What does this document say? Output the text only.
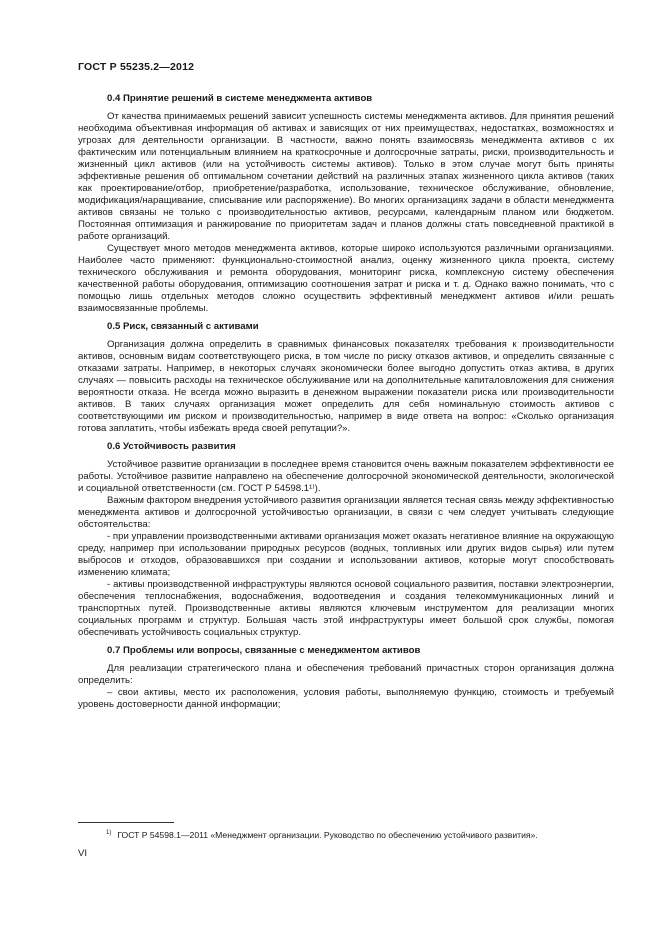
ГОСТ Р 55235.2—2012
0.4 Принятие решений в системе менеджмента активов

От качества принимаемых решений зависит успешность системы менеджмента активов. Для принятия решений необходима объективная информация об активах и зависящих от них преимуществах, недостатках, возможностях и угрозах для деятельности организации. В частности, важно понять взаимосвязь менеджмента активов с их фактическим или потенциальным влиянием на краткосрочные и долгосрочные затраты, риски, производительность и жизненный цикл активов (или на устойчивость системы активов). Только в этом случае могут быть приняты эффективные решения об оптимальном сочетании действий на различных этапах жизненного цикла активов (таких как проектирование/отбор, приобретение/разработка, использование, техническое обслуживание, обновление, модификация/наращивание, списывание или распоряжение). Во многих организациях задачи в области менеджмента активов связаны не только с производительностью активов, ресурсами, календарным планом или бюджетом. Постоянная оптимизация и ранжирование по приоритетам задач и планов должны стать повседневной практикой в работе организаций.

Существует много методов менеджмента активов, которые широко используются различными организациями. Наиболее часто применяют: функционально-стоимостной анализ, оценку жизненного цикла проекта, систему технического обслуживания и ремонта оборудования, мониторинг риска, комплексную систему обеспечения качественной работы оборудования, оптимизацию соотношения затрат и риска и т. д. Однако важно понимать, что с помощью лишь отдельных методов сложно осуществить эффективный менеджмент активов и/или решать взаимосвязанные проблемы.

0.5 Риск, связанный с активами

Организация должна определить в сравнимых финансовых показателях требования к производительности активов, основным видам соответствующего риска, в том числе по риску отказов активов, и определить связанные с отказами затраты. Например, в некоторых случаях экономически более выгодно допустить отказ актива, в других случаях — повысить расходы на техническое обслуживание или на дополнительные капиталовложения для снижения вероятности отказа. Не всегда можно выразить в денежном выражении показатели риска или производительности активов. В таких случаях организация может определить для себя номинальную стоимость активов с соответствующими им риском и производительностью, например в виде ответа на вопрос: «Сколько организация готова заплатить, чтобы избежать вреда своей репутации?».

0.6 Устойчивость развития

Устойчивое развитие организации в последнее время становится очень важным показателем эффективности ее работы. Устойчивое развитие направлено на обеспечение долгосрочной экономической деятельности, экологической и социальной ответственности (см. ГОСТ Р 54598.1¹⁾).

Важным фактором внедрения устойчивого развития организации является тесная связь между эффективностью менеджмента активов и долгосрочной устойчивостью организации, в связи с чем следует учитывать следующие обстоятельства:

- при управлении производственными активами организация может оказать негативное влияние на окружающую среду, например при использовании природных ресурсов (водных, топливных или других видов сырья) или путем выбросов и отходов, образовавшихся при создании и использовании активов, которые могут способствовать изменению климата;

- активы производственной инфраструктуры являются основой социального развития, поставки электроэнергии, обеспечения теплоснабжения, водоснабжения, водоотведения и создания телекоммуникационных линий и транспортных путей. Производственные активы являются ключевым инструментом для реализации многих социальных программ и структур. Большая часть этой инфраструктуры имеет большой срок службы, помогая обеспечивать устойчивость социальных структур.

0.7 Проблемы или вопросы, связанные с менеджментом активов

Для реализации стратегического плана и обеспечения требований причастных сторон организация должна определить:

– свои активы, место их расположения, условия работы, выполняемую функцию, стоимость и требуемый уровень достоверности данной информации;

$^{1)}$ ГОСТ Р 54598.1—2011 «Менеджмент организации. Руководство по обеспечению устойчивого развития».
VI
